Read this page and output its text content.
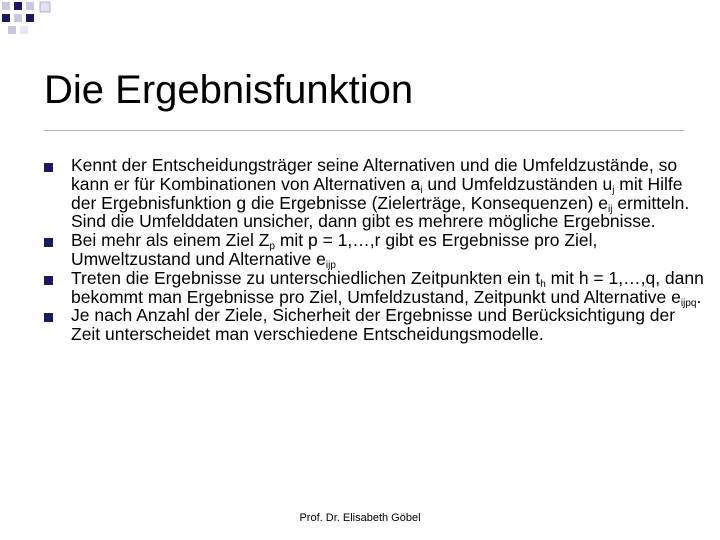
Die Ergebnisfunktion
Kennt der Entscheidungsträger seine Alternativen und die Umfeldzustände, so kann er für Kombinationen von Alternativen $a_i$ und Umfeldzuständen $u_j$ mit Hilfe der Ergebnisfunktion g die Ergebnisse (Zielerträge, Konsequenzen) $e_{ij}$ ermitteln. Sind die Umfelddaten unsicher, dann gibt es mehrere mögliche Ergebnisse.
Bei mehr als einem Ziel $Z_p$ mit p = 1,…,r gibt es Ergebnisse pro Ziel, Umweltzustand und Alternative $e_{ijp}$
Treten die Ergebnisse zu unterschiedlichen Zeitpunkten ein $t_h$ mit h = 1,…,q, dann bekommt man Ergebnisse pro Ziel, Umfeldzustand, Zeitpunkt und Alternative $e_{ijpq}$.
Je nach Anzahl der Ziele, Sicherheit der Ergebnisse und Berücksichtigung der Zeit unterscheidet man verschiedene Entscheidungsmodelle.
Prof. Dr. Elisabeth Göbel
